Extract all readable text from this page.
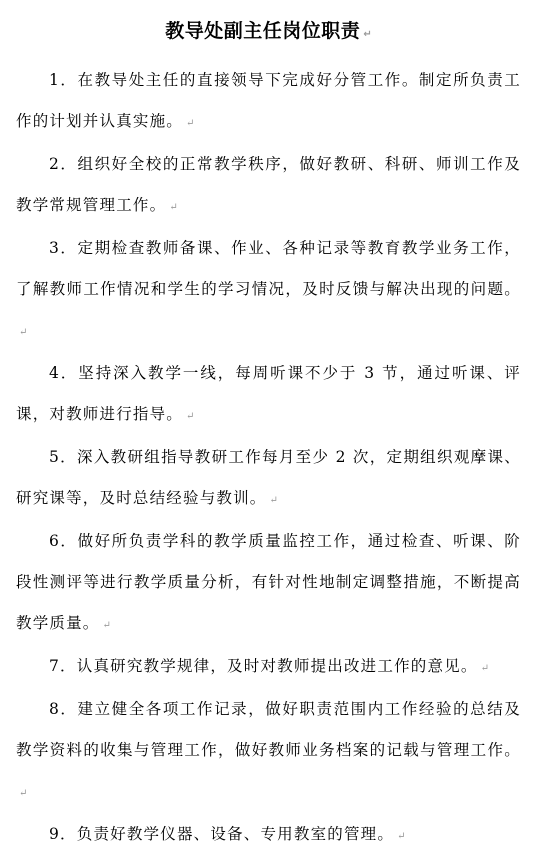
教导处副主任岗位职责 ↵

1．在教导处主任的直接领导下完成好分管工作。制定所负责工作的计划并认真实施。 ↵

2．组织好全校的正常教学秩序，做好教研、科研、师训工作及教学常规管理工作。 ↵

3．定期检查教师备课、作业、各种记录等教育教学业务工作，了解教师工作情况和学生的学习情况，及时反馈与解决出现的问题。↵

4．坚持深入教学一线，每周听课不少于 3 节，通过听课、评课，对教师进行指导。 ↵

5．深入教研组指导教研工作每月至少 2 次，定期组织观摩课、研究课等，及时总结经验与教训。 ↵

6．做好所负责学科的教学质量监控工作，通过检查、听课、阶段性测评等进行教学质量分析，有针对性地制定调整措施，不断提高教学质量。 ↵

7．认真研究教学规律，及时对教师提出改进工作的意见。 ↵

8．建立健全各项工作记录，做好职责范围内工作经验的总结及教学资料的收集与管理工作，做好教师业务档案的记载与管理工作。↵

9．负责好教学仪器、设备、专用教室的管理。 ↵
